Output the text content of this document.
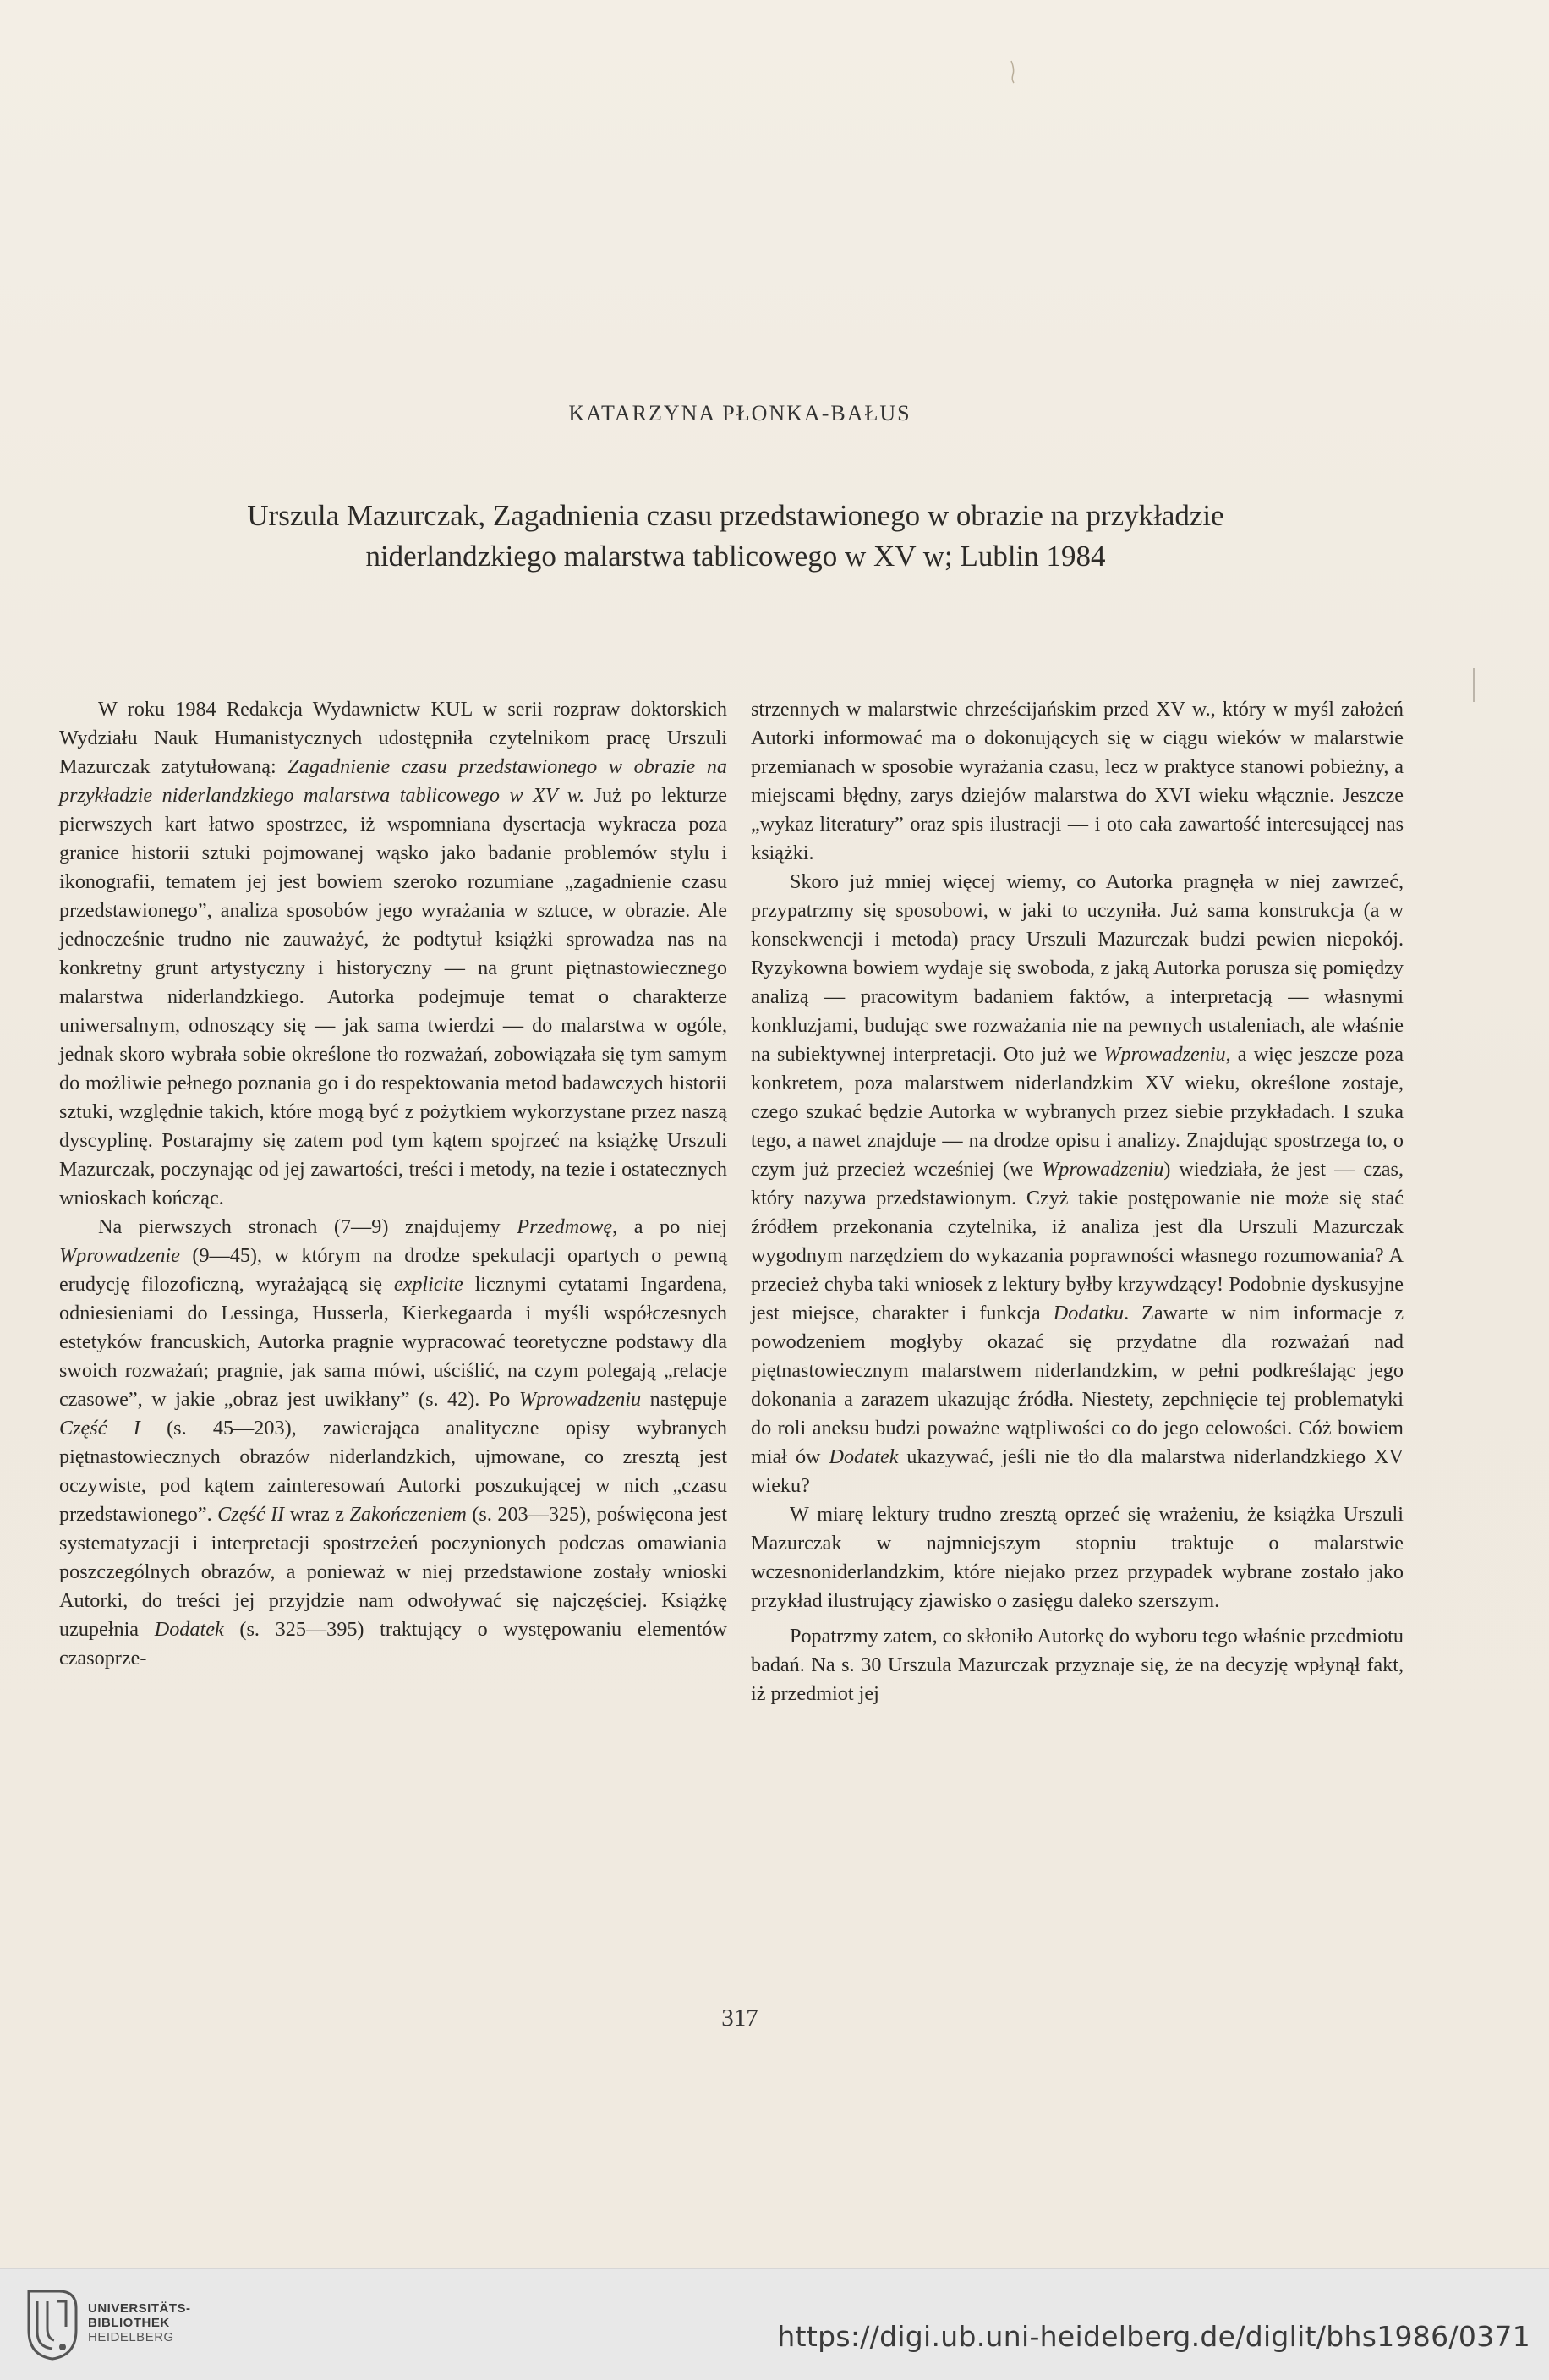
KATARZYNA PŁONKA-BAŁUS
Urszula Mazurczak, Zagadnienia czasu przedstawionego w obrazie na przykładzie
niderlandzkiego malarstwa tablicowego w XV w; Lublin 1984

W roku 1984 Redakcja Wydawnictw KUL w serii rozpraw doktorskich Wydziału Nauk Humanistycznych udostępniła czytelnikom pracę Urszuli Mazurczak zatytułowaną: Zagadnienie czasu przedstawionego w obrazie na przykładzie niderlandzkiego malarstwa tablicowego w XV w. Już po lekturze pierwszych kart łatwo spostrzec, iż wspomniana dysertacja wykracza poza granice historii sztuki pojmowanej wąsko jako badanie problemów stylu i ikonografii, tematem jej jest bowiem szeroko rozumiane „zagadnienie czasu przedstawionego”, analiza sposobów jego wyrażania w sztuce, w obrazie. Ale jednocześnie trudno nie zauważyć, że podtytuł książki sprowadza nas na konkretny grunt artystyczny i historyczny — na grunt piętnastowiecznego malarstwa niderlandzkiego. Autorka podejmuje temat o charakterze uniwersalnym, odnoszący się — jak sama twierdzi — do malarstwa w ogóle, jednak skoro wybrała sobie określone tło rozważań, zobowiązała się tym samym do możliwie pełnego poznania go i do respektowania metod badawczych historii sztuki, względnie takich, które mogą być z pożytkiem wykorzystane przez naszą dyscyplinę. Postarajmy się zatem pod tym kątem spojrzeć na książkę Urszuli Mazurczak, poczynając od jej zawartości, treści i metody, na tezie i ostatecznych wnioskach kończąc.

Na pierwszych stronach (7—9) znajdujemy Przedmowę, a po niej Wprowadzenie (9—45), w którym na drodze spekulacji opartych o pewną erudycję filozoficzną, wyrażającą się explicite licznymi cytatami Ingardena, odniesieniami do Lessinga, Husserla, Kierkegaarda i myśli współczesnych estetyków francuskich, Autorka pragnie wypracować teoretyczne podstawy dla swoich rozważań; pragnie, jak sama mówi, uściślić, na czym polegają „relacje czasowe”, w jakie „obraz jest uwikłany” (s. 42). Po Wprowadzeniu następuje Część I (s. 45—203), zawierająca analityczne opisy wybranych piętnastowiecznych obrazów niderlandzkich, ujmowane, co zresztą jest oczywiste, pod kątem zainteresowań Autorki poszukującej w nich „czasu przedstawionego”. Część II wraz z Zakończeniem (s. 203—325), poświęcona jest systematyzacji i interpretacji spostrzeżeń poczynionych podczas omawiania poszczególnych obrazów, a ponieważ w niej przedstawione zostały wnioski Autorki, do treści jej przyjdzie nam odwoływać się najczęściej. Książkę uzupełnia Dodatek (s. 325—395) traktujący o występowaniu elementów czasoprze-

strzennych w malarstwie chrześcijańskim przed XV w., który w myśl założeń Autorki informować ma o dokonujących się w ciągu wieków w malarstwie przemianach w sposobie wyrażania czasu, lecz w praktyce stanowi pobieżny, a miejscami błędny, zarys dziejów malarstwa do XVI wieku włącznie. Jeszcze „wykaz literatury” oraz spis ilustracji — i oto cała zawartość interesującej nas książki.

Skoro już mniej więcej wiemy, co Autorka pragnęła w niej zawrzeć, przypatrzmy się sposobowi, w jaki to uczyniła. Już sama konstrukcja (a w konsekwencji i metoda) pracy Urszuli Mazurczak budzi pewien niepokój. Ryzykowna bowiem wydaje się swoboda, z jaką Autorka porusza się pomiędzy analizą — pracowitym badaniem faktów, a interpretacją — własnymi konkluzjami, budując swe rozważania nie na pewnych ustaleniach, ale właśnie na subiektywnej interpretacji. Oto już we Wprowadzeniu, a więc jeszcze poza konkretem, poza malarstwem niderlandzkim XV wieku, określone zostaje, czego szukać będzie Autorka w wybranych przez siebie przykładach. I szuka tego, a nawet znajduje — na drodze opisu i analizy. Znajdując spostrzega to, o czym już przecież wcześniej (we Wprowadzeniu) wiedziała, że jest — czas, który nazywa przedstawionym. Czyż takie postępowanie nie może się stać źródłem przekonania czytelnika, iż analiza jest dla Urszuli Mazurczak wygodnym narzędziem do wykazania poprawności własnego rozumowania? A przecież chyba taki wniosek z lektury byłby krzywdzący! Podobnie dyskusyjne jest miejsce, charakter i funkcja Dodatku. Zawarte w nim informacje z powodzeniem mogłyby okazać się przydatne dla rozważań nad piętnastowiecznym malarstwem niderlandzkim, w pełni podkreślając jego dokonania a zarazem ukazując źródła. Niestety, zepchnięcie tej problematyki do roli aneksu budzi poważne wątpliwości co do jego celowości. Cóż bowiem miał ów Dodatek ukazywać, jeśli nie tło dla malarstwa niderlandzkiego XV wieku?

W miarę lektury trudno zresztą oprzeć się wrażeniu, że książka Urszuli Mazurczak w najmniejszym stopniu traktuje o malarstwie wczesnoniderlandzkim, które niejako przez przypadek wybrane zostało jako przykład ilustrujący zjawisko o zasięgu daleko szerszym.

Popatrzmy zatem, co skłoniło Autorkę do wyboru tego właśnie przedmiotu badań. Na s. 30 Urszula Mazurczak przyznaje się, że na decyzję wpłynął fakt, iż przedmiot jej

317
UNIVERSITÄTS-
BIBLIOTHEK
HEIDELBERG	https://digi.ub.uni-heidelberg.de/diglit/bhs1986/0371
